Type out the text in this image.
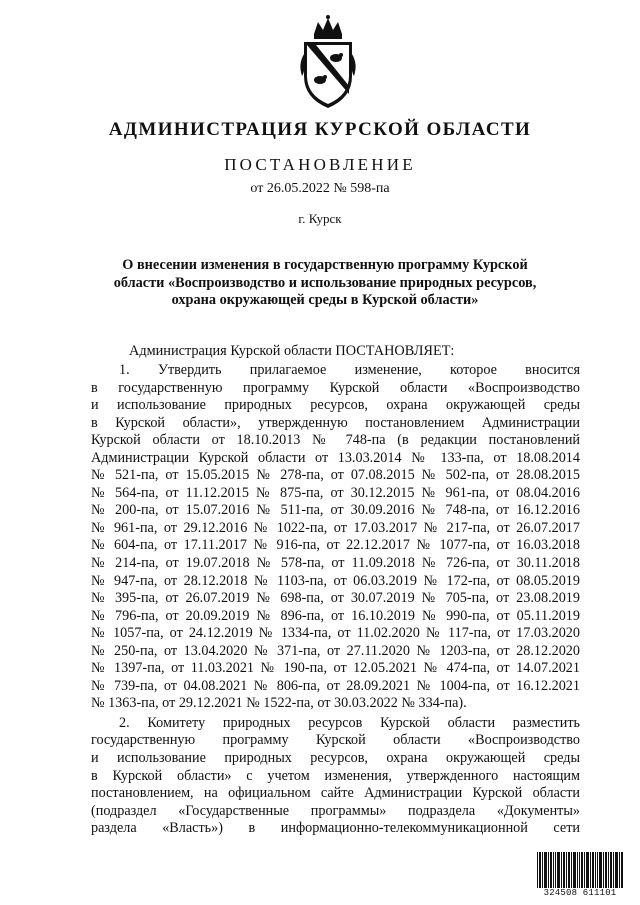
АДМИНИСТРАЦИЯ КУРСКОЙ ОБЛАСТИ
ПОСТАНОВЛЕНИЕ
от 26.05.2022 № 598-па
г. Курск
О внесении изменения в государственную программу Курской
области «Воспроизводство и использование природных ресурсов,
охрана окружающей среды в Курской области»
Администрация Курской области ПОСТАНОВЛЯЕТ:
1. Утвердить прилагаемое изменение, которое вносится
в государственную программу Курской области «Воспроизводство
и использование природных ресурсов, охрана окружающей среды
в Курской области», утвержденную постановлением Администрации
Курской области от 18.10.2013 № 748-па (в редакции постановлений
Администрации Курской области от 13.03.2014 № 133-па, от 18.08.2014
№ 521-па, от 15.05.2015 № 278-па, от 07.08.2015 № 502-па, от 28.08.2015
№ 564-па, от 11.12.2015 № 875-па, от 30.12.2015 № 961-па, от 08.04.2016
№ 200-па, от 15.07.2016 № 511-па, от 30.09.2016 № 748-па, от 16.12.2016
№ 961-па, от 29.12.2016 № 1022-па, от 17.03.2017 № 217-па, от 26.07.2017
№ 604-па, от 17.11.2017 № 916-па, от 22.12.2017 № 1077-па, от 16.03.2018
№ 214-па, от 19.07.2018 № 578-па, от 11.09.2018 № 726-па, от 30.11.2018
№ 947-па, от 28.12.2018 № 1103-па, от 06.03.2019 № 172-па, от 08.05.2019
№ 395-па, от 26.07.2019 № 698-па, от 30.07.2019 № 705-па, от 23.08.2019
№ 796-па, от 20.09.2019 № 896-па, от 16.10.2019 № 990-па, от 05.11.2019
№ 1057-па, от 24.12.2019 № 1334-па, от 11.02.2020 № 117-па, от 17.03.2020
№ 250-па, от 13.04.2020 № 371-па, от 27.11.2020 № 1203-па, от 28.12.2020
№ 1397-па, от 11.03.2021 № 190-па, от 12.05.2021 № 474-па, от 14.07.2021
№ 739-па, от 04.08.2021 № 806-па, от 28.09.2021 № 1004-па, от 16.12.2021
№ 1363-па, от 29.12.2021 № 1522-па, от 30.03.2022 № 334-па).
2. Комитету природных ресурсов Курской области разместить
государственную программу Курской области «Воспроизводство
и использование природных ресурсов, охрана окружающей среды
в Курской области» с учетом изменения, утвержденного настоящим
постановлением, на официальном сайте Администрации Курской области
(подраздел «Государственные программы» подраздела «Документы»
раздела «Власть») в информационно-телекоммуникационной сети
324508 611101
